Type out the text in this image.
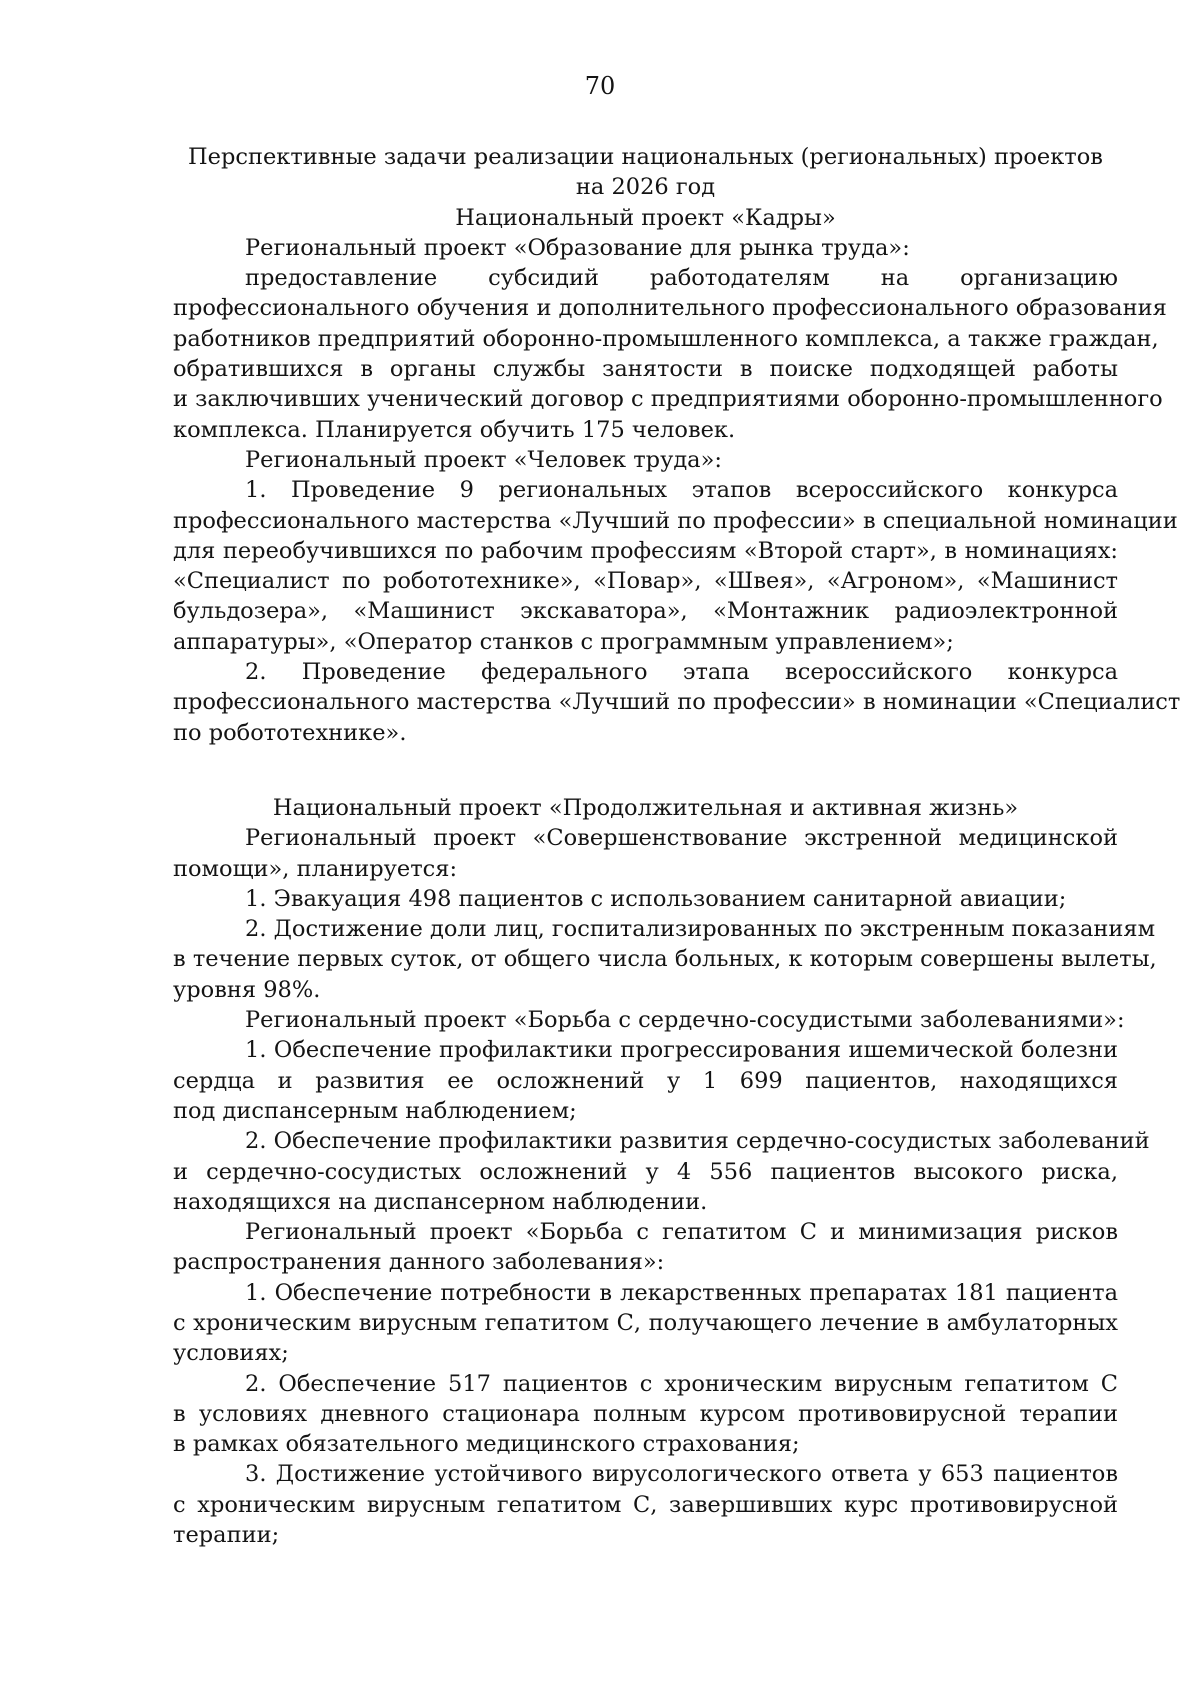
70
Перспективные задачи реализации национальных (региональных) проектов
на 2026 год
Национальный проект «Кадры»
Региональный проект «Образование для рынка труда»:
предоставление субсидий работодателям на организацию
профессионального обучения и дополнительного профессионального образования
работников предприятий оборонно-промышленного комплекса, а также граждан,
обратившихся в органы службы занятости в поиске подходящей работы
и заключивших ученический договор с предприятиями оборонно-промышленного
комплекса. Планируется обучить 175 человек.
Региональный проект «Человек труда»:
1. Проведение 9 региональных этапов всероссийского конкурса
профессионального мастерства «Лучший по профессии» в специальной номинации
для переобучившихся по рабочим профессиям «Второй старт», в номинациях:
«Специалист по робототехнике», «Повар», «Швея», «Агроном», «Машинист
бульдозера», «Машинист экскаватора», «Монтажник радиоэлектронной
аппаратуры», «Оператор станков с программным управлением»;
2. Проведение федерального этапа всероссийского конкурса
профессионального мастерства «Лучший по профессии» в номинации «Специалист
по робототехнике».
Национальный проект «Продолжительная и активная жизнь»
Региональный проект «Совершенствование экстренной медицинской
помощи», планируется:
1. Эвакуация 498 пациентов с использованием санитарной авиации;
2. Достижение доли лиц, госпитализированных по экстренным показаниям
в течение первых суток, от общего числа больных, к которым совершены вылеты,
уровня 98%.
Региональный проект «Борьба с сердечно-сосудистыми заболеваниями»:
1. Обеспечение профилактики прогрессирования ишемической болезни
сердца и развития ее осложнений у 1 699 пациентов, находящихся
под диспансерным наблюдением;
2. Обеспечение профилактики развития сердечно-сосудистых заболеваний
и сердечно-сосудистых осложнений у 4 556 пациентов высокого риска,
находящихся на диспансерном наблюдении.
Региональный проект «Борьба с гепатитом С и минимизация рисков
распространения данного заболевания»:
1. Обеспечение потребности в лекарственных препаратах 181 пациента
с хроническим вирусным гепатитом С, получающего лечение в амбулаторных
условиях;
2. Обеспечение 517 пациентов с хроническим вирусным гепатитом С
в условиях дневного стационара полным курсом противовирусной терапии
в рамках обязательного медицинского страхования;
3. Достижение устойчивого вирусологического ответа у 653 пациентов
с хроническим вирусным гепатитом С, завершивших курс противовирусной
терапии;
